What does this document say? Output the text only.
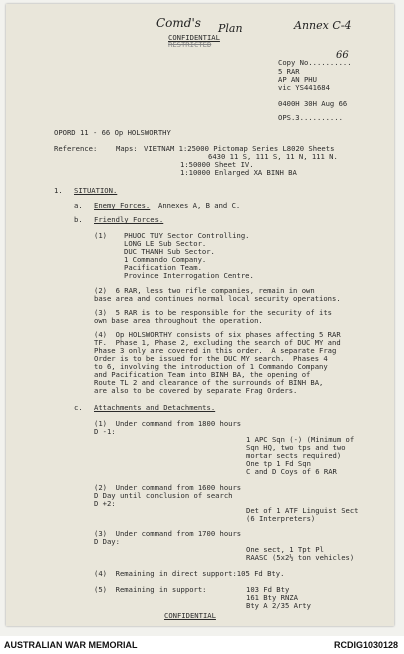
Comd's Plan	Annex C-4
CONFIDENTIAL
RESTRICTED
Copy No..........
66
5 RAR
AP AN PHU
vic YS441684
0400H 30H Aug 66
OPS.3..........
OPORD 11 - 66 Op HOLSWORTHY
Reference:	Maps: VIETNAM 1:25000 Pictomap Series L8020 Sheets
6430 11 S, 111 S, 11 N, 111 N.
1:50000 Sheet IV.
1:10000 Enlarged XA BINH BA
1. SITUATION.
a. Enemy Forces. Annexes A, B and C.
b. Friendly Forces.
(1) PHUOC TUY Sector Controlling.
LONG LE Sub Sector.
DUC THANH Sub Sector.
1 Commando Company.
Pacification Team.
Province Interrogation Centre.
(2)  6 RAR, less two rifle companies, remain in own
base area and continues normal local security operations.
(3)  5 RAR is to be responsible for the security of its
own base area throughout the operation.
(4)  Op HOLSWORTHY consists of six phases affecting 5 RAR
TF.  Phase 1, Phase 2, excluding the search of DUC MY and
Phase 3 only are covered in this order.  A separate Frag
Order is to be issued for the DUC MY search.  Phases 4
to 6, involving the introduction of 1 Commando Company
and Pacification Team into BINH BA, the opening of
Route TL 2 and clearance of the surrounds of BINH BA,
are also to be covered by separate Frag Orders.
c. Attachments and Detachments.
(1)  Under command from 1800 hours
D -1:
1 APC Sqn (-) (Minimum of
Sqn HQ, two tps and two
mortar sects required)
One tp 1 Fd Sqn
C and D Coys of 6 RAR
(2)  Under command from 1600 hours
D Day until conclusion of search
D +2:
Det of 1 ATF Linguist Sect
(6 Interpreters)
(3)  Under command from 1700 hours
D Day:
One sect, 1 Tpt Pl
RAASC (5x2½ ton vehicles)
(4)  Remaining in direct support:105 Fd Bty.
(5)  Remaining in support:	103 Fd Bty
161 Bty RNZA
Bty A 2/35 Arty
CONFIDENTIAL
AUSTRALIAN WAR MEMORIAL	RCDIG1030128
